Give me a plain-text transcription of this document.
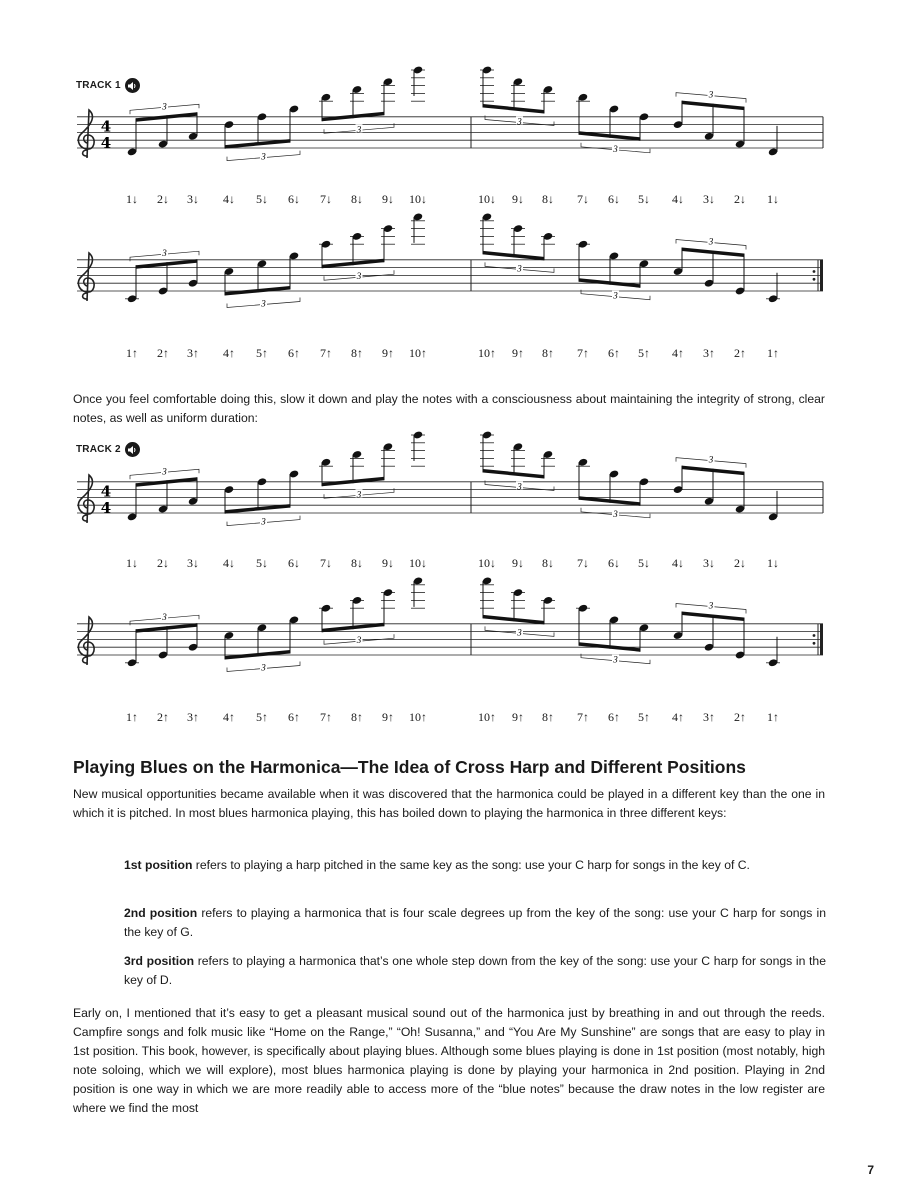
TRACK 1
4
4
3
3
3
3
3
3
1↓ 2↓ 3↓ 4↓ 5↓ 6↓ 7↓ 8↓ 9↓ 10↓	10↓ 9↓ 8↓ 7↓ 6↓ 5↓ 4↓ 3↓ 2↓ 1↓
3
3
3
3
3
3
1↑ 2↑ 3↑ 4↑ 5↑ 6↑ 7↑ 8↑ 9↑ 10↑	10↑ 9↑ 8↑ 7↑ 6↑ 5↑ 4↑ 3↑ 2↑ 1↑

Once you feel comfortable doing this, slow it down and play the notes with a consciousness about maintaining the integrity of strong, clear notes, as well as uniform duration:

TRACK 2
4
4
3
3
3
3
3
3
1↓ 2↓ 3↓ 4↓ 5↓ 6↓ 7↓ 8↓ 9↓ 10↓	10↓ 9↓ 8↓ 7↓ 6↓ 5↓ 4↓ 3↓ 2↓ 1↓
3
3
3
3
3
3
1↑ 2↑ 3↑ 4↑ 5↑ 6↑ 7↑ 8↑ 9↑ 10↑	10↑ 9↑ 8↑ 7↑ 6↑ 5↑ 4↑ 3↑ 2↑ 1↑
Playing Blues on the Harmonica—The Idea of Cross Harp and Different Positions

New musical opportunities became available when it was discovered that the harmonica could be played in a different key than the one in which it is pitched. In most blues harmonica playing, this has boiled down to playing the harmonica in three different keys:

1st position refers to playing a harp pitched in the same key as the song: use your C harp for songs in the key of C.

2nd position refers to playing a harmonica that is four scale degrees up from the key of the song: use your C harp for songs in the key of G.

3rd position refers to playing a harmonica that’s one whole step down from the key of the song: use your C harp for songs in the key of D.

Early on, I mentioned that it’s easy to get a pleasant musical sound out of the harmonica just by breathing in and out through the reeds. Campfire songs and folk music like “Home on the Range,” “Oh! Susanna,” and “You Are My Sunshine” are songs that are easy to play in 1st position. This book, however, is specifically about playing blues. Although some blues playing is done in 1st position (most notably, high note soloing, which we will explore), most blues harmonica playing is done by playing your harmonica in 2nd position. Playing in 2nd position is one way in which we are more readily able to access more of the “blue notes” because the draw notes in the low register are where we find the most

7
